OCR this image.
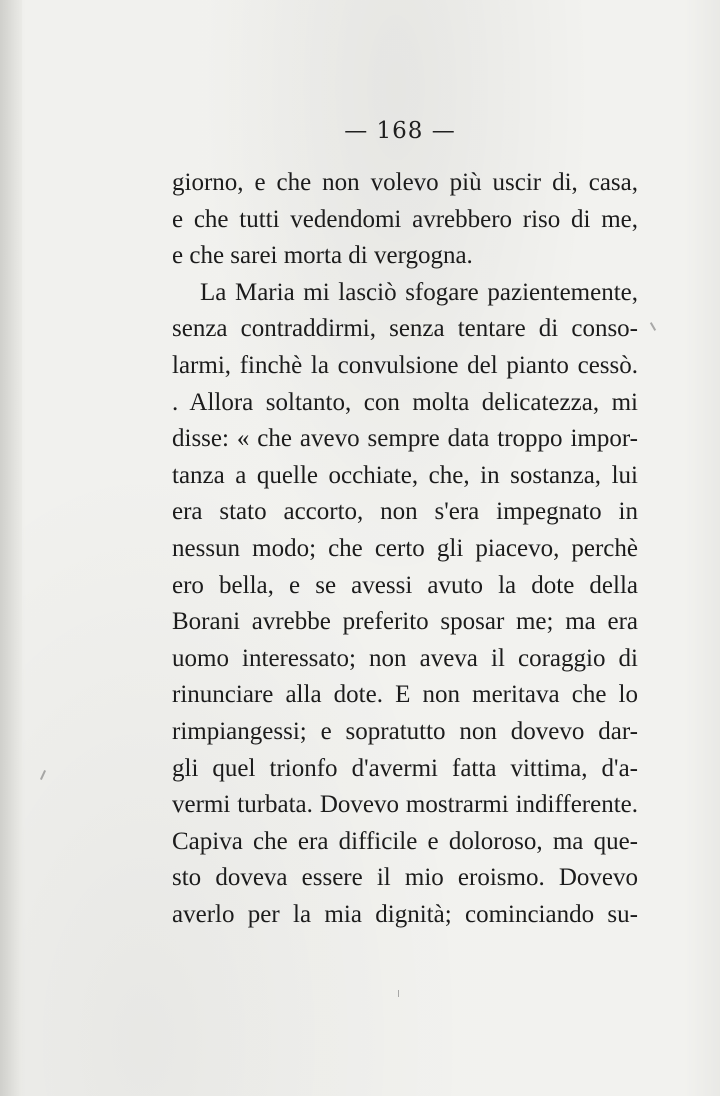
— 168 —
giorno, e che non volevo più uscir di, casa,
e che tutti vedendomi avrebbero riso di me,
e che sarei morta di vergogna.
La Maria mi lasciò sfogare pazientemente,
senza contraddirmi, senza tentare di conso-
larmi, finchè la convulsione del pianto cessò.
. Allora soltanto, con molta delicatezza, mi
disse: « che avevo sempre data troppo impor-
tanza a quelle occhiate, che, in sostanza, lui
era stato accorto, non s'era impegnato in
nessun modo; che certo gli piacevo, perchè
ero bella, e se avessi avuto la dote della
Borani avrebbe preferito sposar me; ma era
uomo interessato; non aveva il coraggio di
rinunciare alla dote. E non meritava che lo
rimpiangessi; e sopratutto non dovevo dar-
gli quel trionfo d'avermi fatta vittima, d'a-
vermi turbata. Dovevo mostrarmi indifferente.
Capiva che era difficile e doloroso, ma que-
sto doveva essere il mio eroismo. Dovevo
averlo per la mia dignità; cominciando su-
